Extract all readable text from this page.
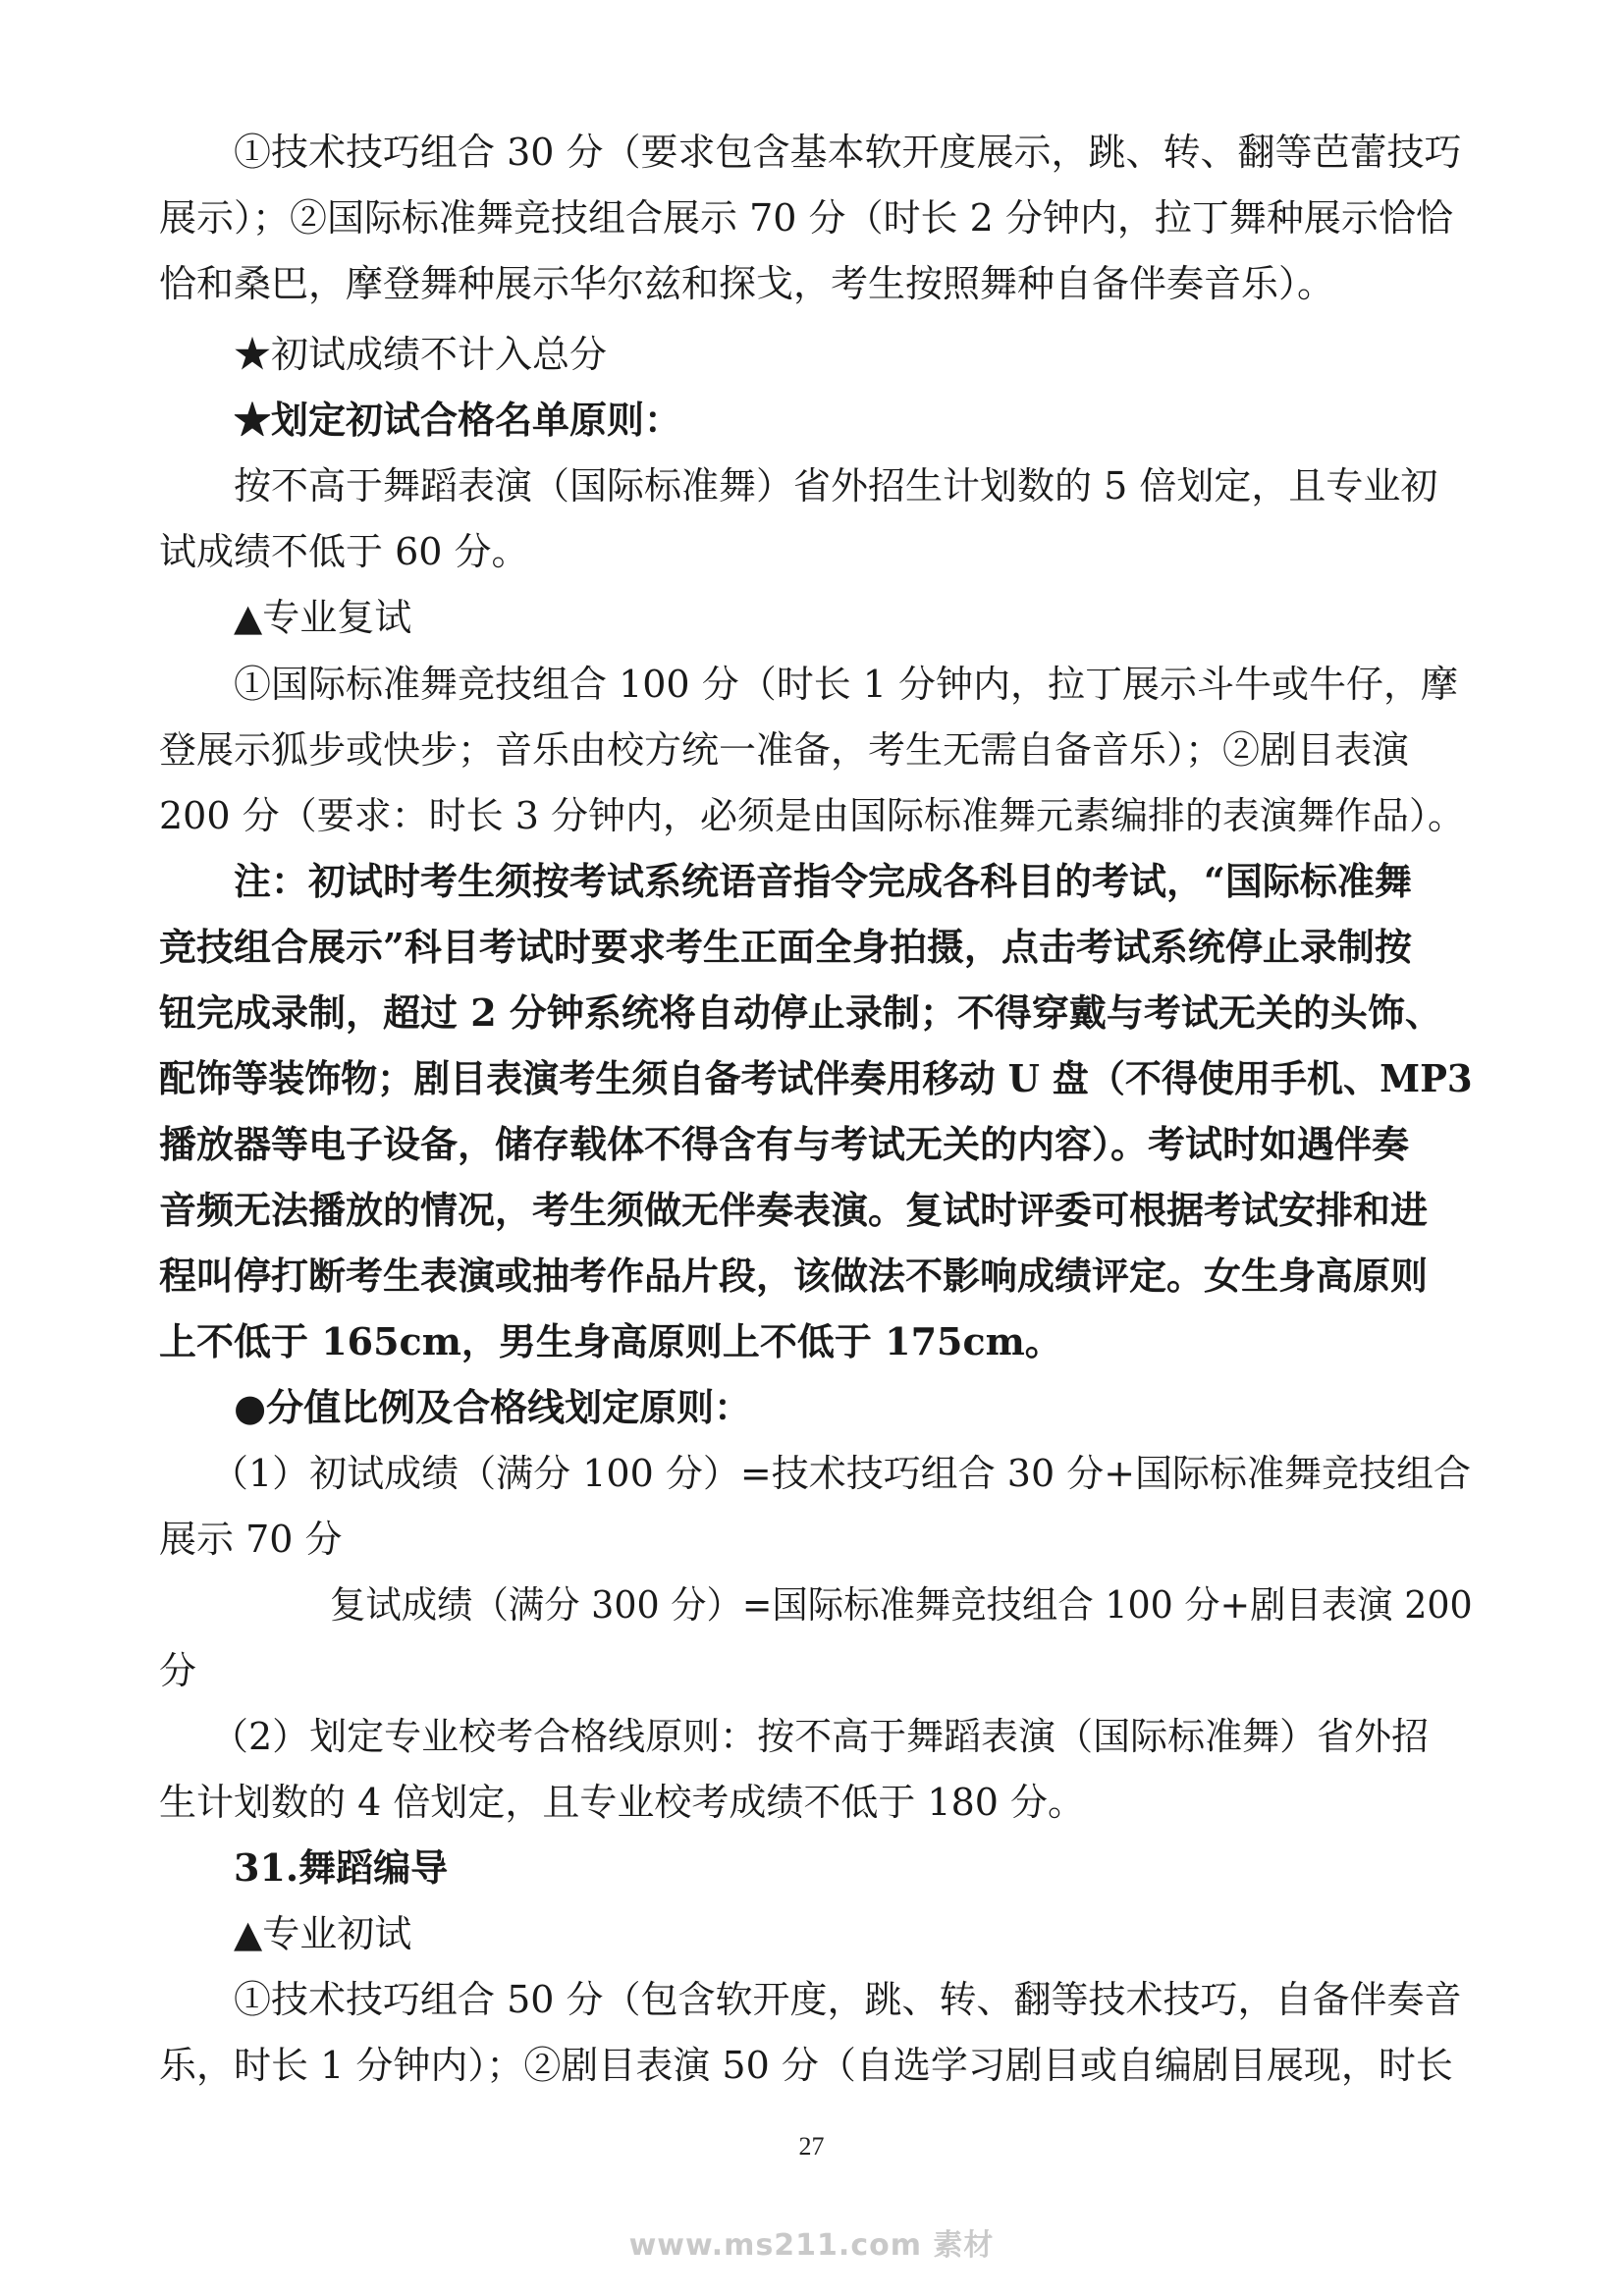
①技术技巧组合 30 分（要求包含基本软开度展示，跳、转、翻等芭蕾技巧

展示）；②国际标准舞竞技组合展示 70 分（时长 2 分钟内，拉丁舞种展示恰恰

恰和桑巴，摩登舞种展示华尔兹和探戈，考生按照舞种自备伴奏音乐）。

★初试成绩不计入总分

★划定初试合格名单原则：

按不高于舞蹈表演（国际标准舞）省外招生计划数的 5 倍划定，且专业初

试成绩不低于 60 分。

▲专业复试

①国际标准舞竞技组合 100 分（时长 1 分钟内，拉丁展示斗牛或牛仔，摩

登展示狐步或快步；音乐由校方统一准备，考生无需自备音乐）；②剧目表演

200 分（要求：时长 3 分钟内，必须是由国际标准舞元素编排的表演舞作品）。

注：初试时考生须按考试系统语音指令完成各科目的考试，“国际标准舞

竞技组合展示”科目考试时要求考生正面全身拍摄，点击考试系统停止录制按

钮完成录制，超过 2 分钟系统将自动停止录制；不得穿戴与考试无关的头饰、

配饰等装饰物；剧目表演考生须自备考试伴奏用移动 U 盘（不得使用手机、MP3

播放器等电子设备，储存载体不得含有与考试无关的内容）。考试时如遇伴奏

音频无法播放的情况，考生须做无伴奏表演。复试时评委可根据考试安排和进

程叫停打断考生表演或抽考作品片段，该做法不影响成绩评定。女生身高原则

上不低于 165cm，男生身高原则上不低于 175cm。

●分值比例及合格线划定原则：

（1）初试成绩（满分 100 分）=技术技巧组合 30 分+国际标准舞竞技组合

展示 70 分

复试成绩（满分 300 分）=国际标准舞竞技组合 100 分+剧目表演 200

分

（2）划定专业校考合格线原则：按不高于舞蹈表演（国际标准舞）省外招

生计划数的 4 倍划定，且专业校考成绩不低于 180 分。

31.舞蹈编导

▲专业初试

①技术技巧组合 50 分（包含软开度，跳、转、翻等技术技巧，自备伴奏音

乐，时长 1 分钟内）；②剧目表演 50 分（自选学习剧目或自编剧目展现，时长

27
www.ms211.com 素材
